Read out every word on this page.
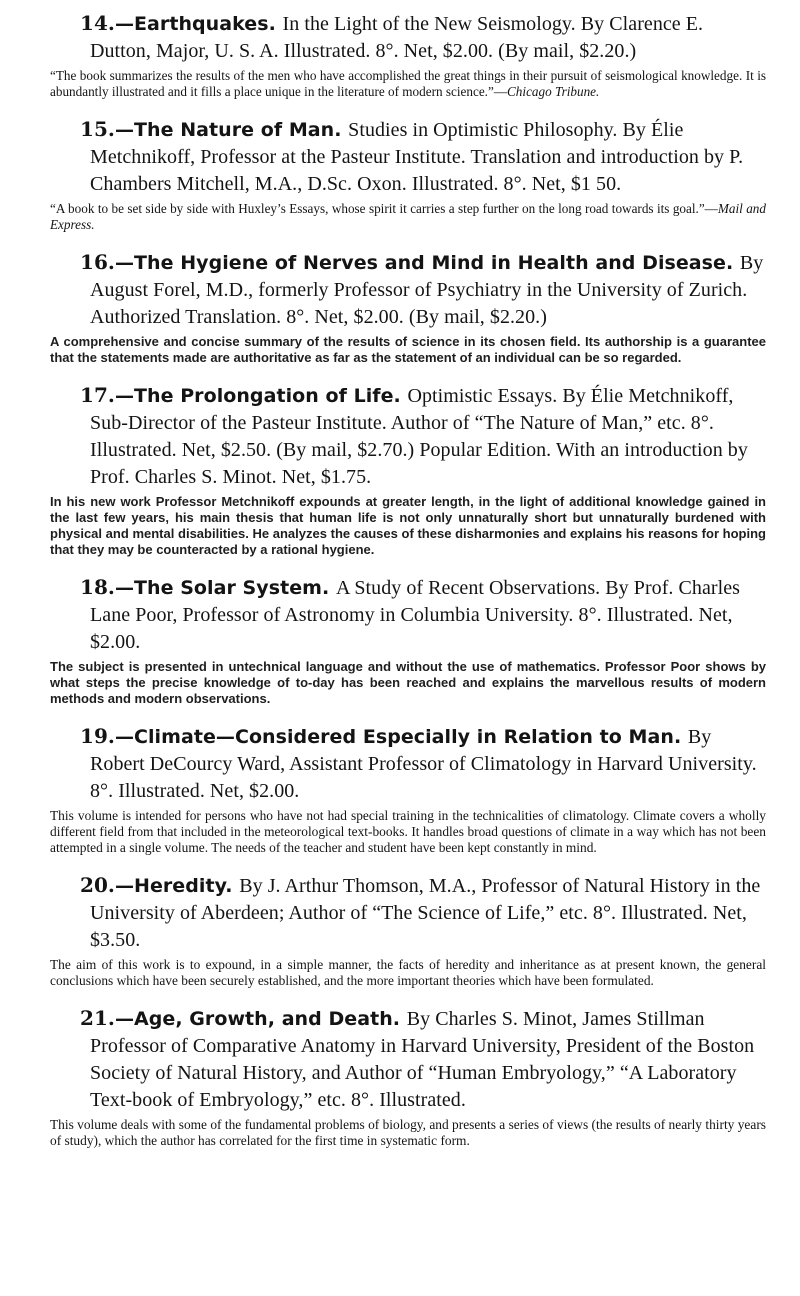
14.—Earthquakes. In the Light of the New Seismology. By Clarence E. Dutton, Major, U. S. A. Illustrated. 8°. Net, $2.00. (By mail, $2.20.)

“The book summarizes the results of the men who have accomplished the great things in their pursuit of seismological knowledge. It is abundantly illustrated and it fills a place unique in the literature of modern science.”—Chicago Tribune.

15.—The Nature of Man. Studies in Optimistic Philosophy. By Élie Metchnikoff, Professor at the Pasteur Institute. Translation and introduction by P. Chambers Mitchell, M.A., D.Sc. Oxon. Illustrated. 8°. Net, $1 50.

“A book to be set side by side with Huxley’s Essays, whose spirit it carries a step further on the long road towards its goal.”—Mail and Express.

16.—The Hygiene of Nerves and Mind in Health and Disease. By August Forel, M.D., formerly Professor of Psychiatry in the University of Zurich. Authorized Translation. 8°. Net, $2.00. (By mail, $2.20.)

A comprehensive and concise summary of the results of science in its chosen field. Its authorship is a guarantee that the statements made are authoritative as far as the statement of an individual can be so regarded.

17.—The Prolongation of Life. Optimistic Essays. By Élie Metchnikoff, Sub-Director of the Pasteur Institute. Author of “The Nature of Man,” etc. 8°. Illustrated. Net, $2.50. (By mail, $2.70.) Popular Edition. With an introduction by Prof. Charles S. Minot. Net, $1.75.

In his new work Professor Metchnikoff expounds at greater length, in the light of additional knowledge gained in the last few years, his main thesis that human life is not only unnaturally short but unnaturally burdened with physical and mental disabilities. He analyzes the causes of these disharmonies and explains his reasons for hoping that they may be counteracted by a rational hygiene.

18.—The Solar System. A Study of Recent Observations. By Prof. Charles Lane Poor, Professor of Astronomy in Columbia University. 8°. Illustrated. Net, $2.00.

The subject is presented in untechnical language and without the use of mathematics. Professor Poor shows by what steps the precise knowledge of to-day has been reached and explains the marvellous results of modern methods and modern observations.

19.—Climate—Considered Especially in Relation to Man. By Robert DeCourcy Ward, Assistant Professor of Climatology in Harvard University. 8°. Illustrated. Net, $2.00.

This volume is intended for persons who have not had special training in the technicalities of climatology. Climate covers a wholly different field from that included in the meteorological text-books. It handles broad questions of climate in a way which has not been attempted in a single volume. The needs of the teacher and student have been kept constantly in mind.

20.—Heredity. By J. Arthur Thomson, M.A., Professor of Natural History in the University of Aberdeen; Author of “The Science of Life,” etc. 8°. Illustrated. Net, $3.50.

The aim of this work is to expound, in a simple manner, the facts of heredity and inheritance as at present known, the general conclusions which have been securely established, and the more important theories which have been formulated.

21.—Age, Growth, and Death. By Charles S. Minot, James Stillman Professor of Comparative Anatomy in Harvard University, President of the Boston Society of Natural History, and Author of “Human Embryology,” “A Laboratory Text-book of Embryology,” etc. 8°. Illustrated.

This volume deals with some of the fundamental problems of biology, and presents a series of views (the results of nearly thirty years of study), which the author has correlated for the first time in systematic form.
